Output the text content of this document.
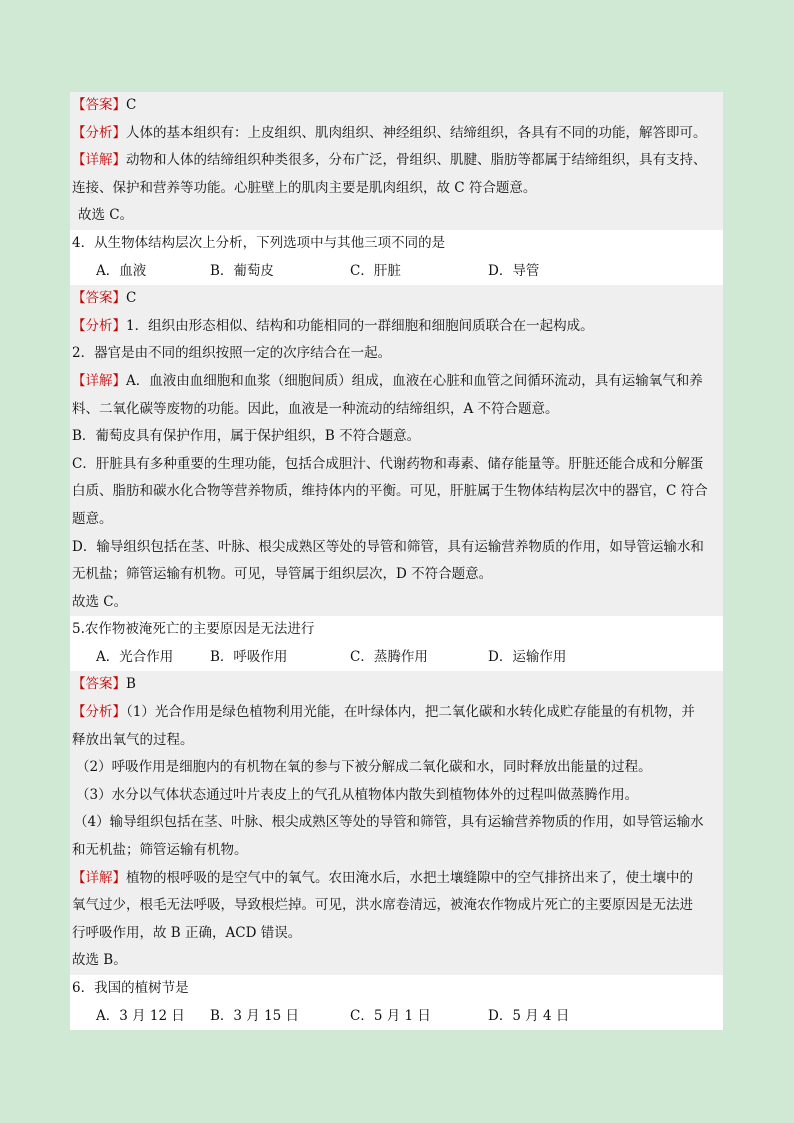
【答案】C
【分析】人体的基本组织有：上皮组织、肌肉组织、神经组织、结缔组织，各具有不同的功能，解答即可。
【详解】动物和人体的结缔组织种类很多，分布广泛，骨组织、肌腱、脂肪等都属于结缔组织，具有支持、
连接、保护和营养等功能。心脏壁上的肌肉主要是肌肉组织，故 C 符合题意。
故选 C。
4．从生物体结构层次上分析，下列选项中与其他三项不同的是
A．血液	B．葡萄皮	C．肝脏	D．导管
【答案】C
【分析】1．组织由形态相似、结构和功能相同的一群细胞和细胞间质联合在一起构成。
2．器官是由不同的组织按照一定的次序结合在一起。
【详解】A．血液由血细胞和血浆（细胞间质）组成，血液在心脏和血管之间循环流动，具有运输氧气和养
料、二氧化碳等废物的功能。因此，血液是一种流动的结缔组织，A 不符合题意。
B．葡萄皮具有保护作用，属于保护组织，B 不符合题意。
C．肝脏具有多种重要的生理功能，包括合成胆汁、代谢药物和毒素、储存能量等。肝脏还能合成和分解蛋
白质、脂肪和碳水化合物等营养物质，维持体内的平衡。可见，肝脏属于生物体结构层次中的器官，C 符合
题意。
D．输导组织包括在茎、叶脉、根尖成熟区等处的导管和筛管，具有运输营养物质的作用，如导管运输水和
无机盐；筛管运输有机物。可见，导管属于组织层次，D 不符合题意。
故选 C。
5.农作物被淹死亡的主要原因是无法进行
A．光合作用	B．呼吸作用	C．蒸腾作用	D．运输作用
【答案】B
【分析】（1）光合作用是绿色植物利用光能，在叶绿体内，把二氧化碳和水转化成贮存能量的有机物，并
释放出氧气的过程。
（2）呼吸作用是细胞内的有机物在氧的参与下被分解成二氧化碳和水，同时释放出能量的过程。
（3）水分以气体状态通过叶片表皮上的气孔从植物体内散失到植物体外的过程叫做蒸腾作用。
（4）输导组织包括在茎、叶脉、根尖成熟区等处的导管和筛管，具有运输营养物质的作用，如导管运输水
和无机盐；筛管运输有机物。
【详解】植物的根呼吸的是空气中的氧气。农田淹水后，水把土壤缝隙中的空气排挤出来了，使土壤中的
氧气过少，根毛无法呼吸，导致根烂掉。可见，洪水席卷清远，被淹农作物成片死亡的主要原因是无法进
行呼吸作用，故 B 正确，ACD 错误。
故选 B。
6．我国的植树节是
A．3 月 12 日 B．3 月 15 日	C．5 月 1 日	D．5 月 4 日
